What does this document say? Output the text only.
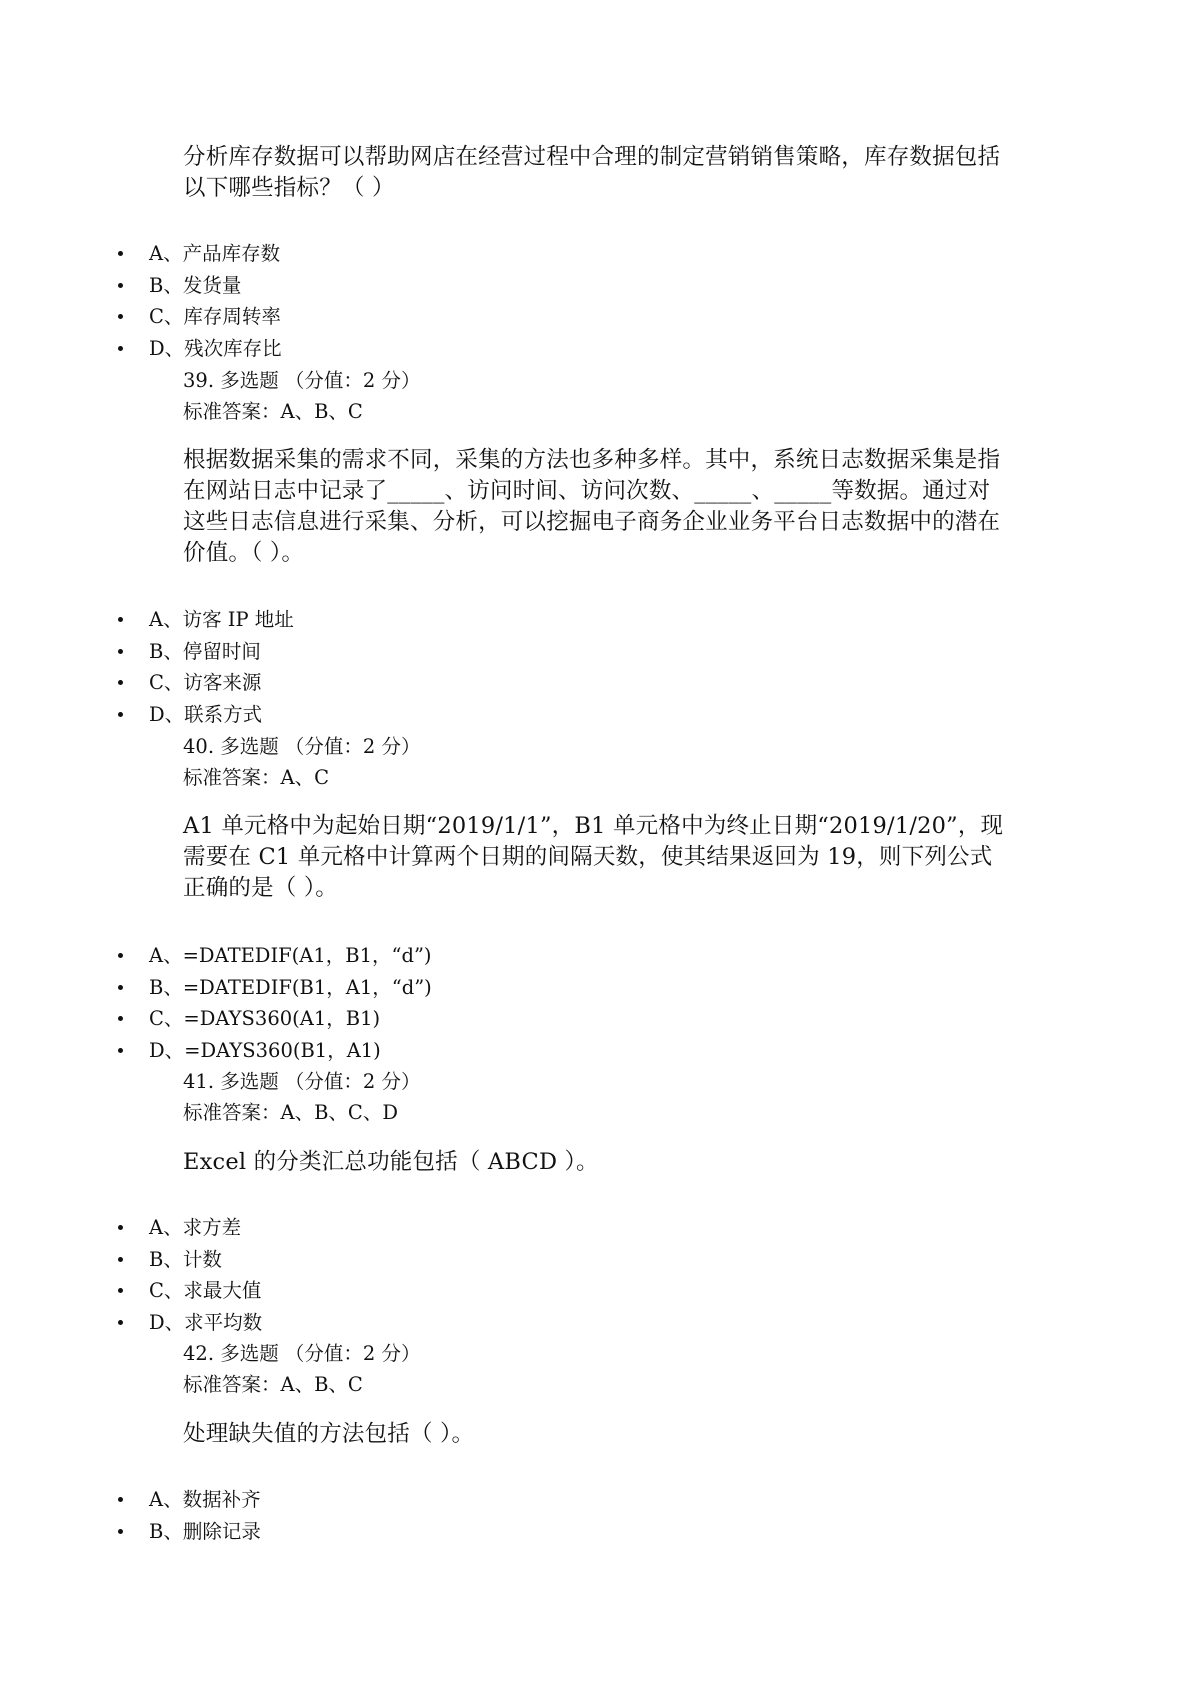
分析库存数据可以帮助网店在经营过程中合理的制定营销销售策略，库存数据包括以下哪些指标？（ ）
A、产品库存数
B、发货量
C、库存周转率
D、残次库存比
39. 多选题 （分值：2 分）
标准答案：A、B、C
根据数据采集的需求不同，采集的方法也多种多样。其中，系统日志数据采集是指在网站日志中记录了_____、访问时间、访问次数、_____、_____等数据。通过对这些日志信息进行采集、分析，可以挖掘电子商务企业业务平台日志数据中的潜在价值。（ ）。
A、访客 IP 地址
B、停留时间
C、访客来源
D、联系方式
40. 多选题 （分值：2 分）
标准答案：A、C
A1 单元格中为起始日期“2019/1/1”，B1 单元格中为终止日期“2019/1/20”，现需要在 C1 单元格中计算两个日期的间隔天数，使其结果返回为 19，则下列公式正确的是（ ）。
A、=DATEDIF(A1，B1，“d”)
B、=DATEDIF(B1，A1，“d”)
C、=DAYS360(A1，B1)
D、=DAYS360(B1，A1)
41. 多选题 （分值：2 分）
标准答案：A、B、C、D
Excel 的分类汇总功能包括（ ABCD ）。
A、求方差
B、计数
C、求最大值
D、求平均数
42. 多选题 （分值：2 分）
标准答案：A、B、C
处理缺失值的方法包括（ ）。
A、数据补齐
B、删除记录
